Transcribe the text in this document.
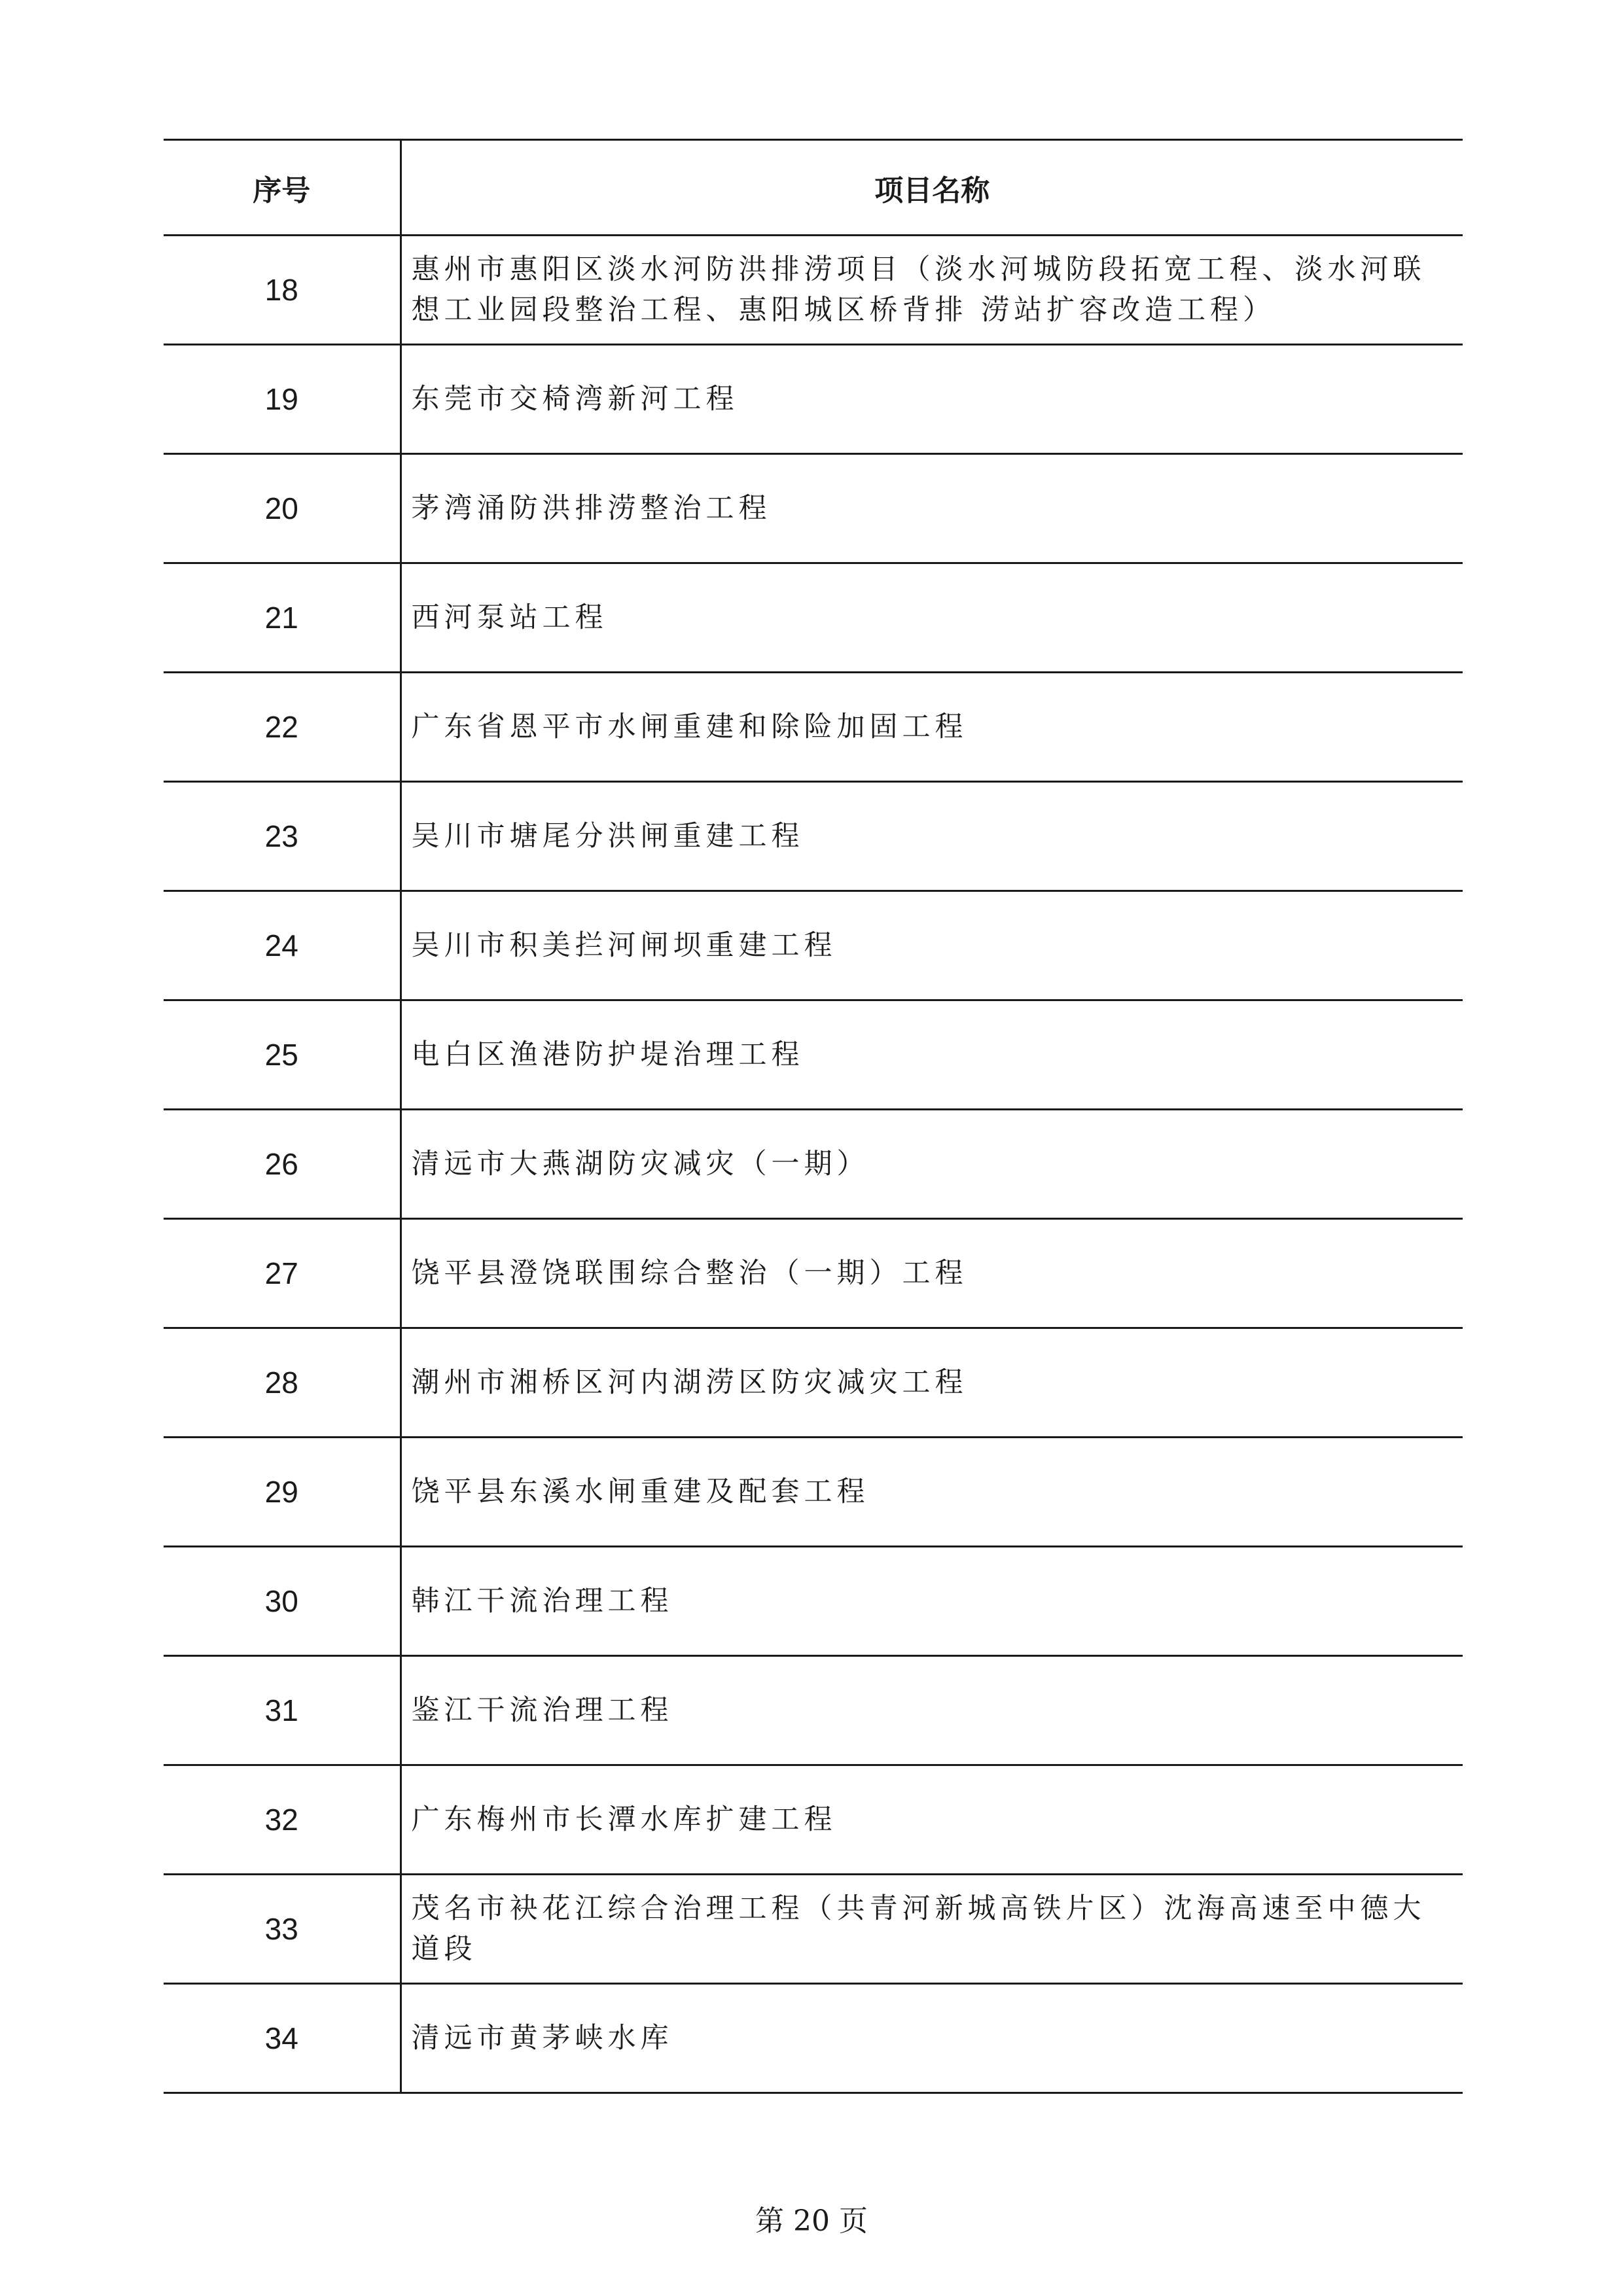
序号	项目名称
18	惠州市惠阳区淡水河防洪排涝项目（淡水河城防段拓宽工程、淡水河联想工业园段整治工程、惠阳城区桥背排 涝站扩容改造工程）
19	东莞市交椅湾新河工程
20	茅湾涌防洪排涝整治工程
21	西河泵站工程
22	广东省恩平市水闸重建和除险加固工程
23	吴川市塘尾分洪闸重建工程
24	吴川市积美拦河闸坝重建工程
25	电白区渔港防护堤治理工程
26	清远市大燕湖防灾减灾（一期）
27	饶平县澄饶联围综合整治（一期）工程
28	潮州市湘桥区河内湖涝区防灾减灾工程
29	饶平县东溪水闸重建及配套工程
30	韩江干流治理工程
31	鉴江干流治理工程
32	广东梅州市长潭水库扩建工程
33	茂名市袂花江综合治理工程（共青河新城高铁片区）沈海高速至中德大道段
34	清远市黄茅峡水库
第 20 页
